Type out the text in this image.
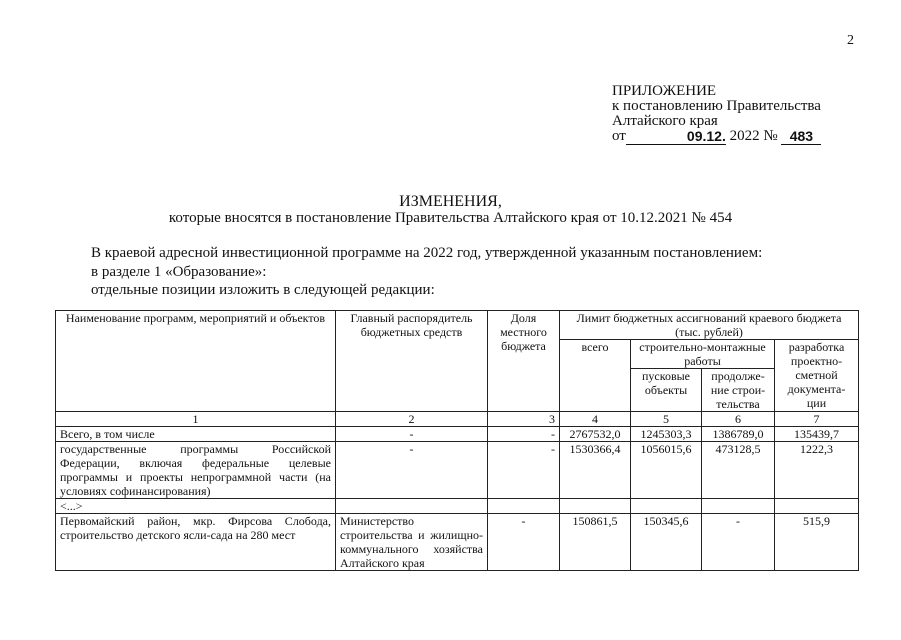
2
ПРИЛОЖЕНИЕ
к постановлению Правительства
Алтайского края
от	09.12. 2022 № 483
ИЗМЕНЕНИЯ,
которые вносятся в постановление Правительства Алтайского края от 10.12.2021 № 454
В краевой адресной инвестиционной программе на 2022 год, утвержденной указанным постановлением:
в разделе 1 «Образование»:
отдельные позиции изложить в следующей редакции:
Наименование программ, мероприятий и объектов	Главный распорядитель бюджетных средств	Доля местного бюджета	Лимит бюджетных ассигнований краевого бюджета (тыс. рублей)			
			всего	строительно-монтажные работы		разработка проектно-сметной документа-ции
				пусковые объекты	продолже-ние строи-тельства	
1	2	3	4	5	6	7
Всего, в том числе	-	-	2767532,0	1245303,3	1386789,0	135439,7
государственные программы Российской Федерации, включая федеральные целевые программы и проекты непрограммной части (на условиях софинансирования)	-	-	1530366,4	1056015,6	473128,5	1222,3
<...>						
Первомайский район, мкр. Фирсова Слобода, строительство детского ясли-сада на 280 мест	Министерство строительства и жилищно-коммунального хозяйства Алтайского края	-	150861,5	150345,6	-	515,9
